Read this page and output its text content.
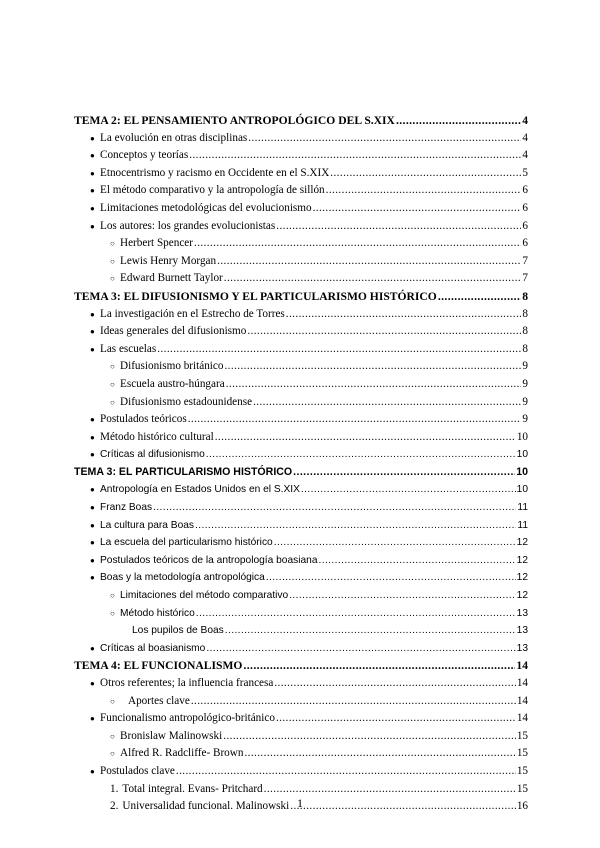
TEMA 2: EL PENSAMIENTO ANTROPOLÓGICO DEL S.XIX .....	4
● La evolución en otras disciplinas .....	4
● Conceptos y teorías .....	4
● Etnocentrismo y racismo en Occidente en el S.XIX .....	5
● El método comparativo y la antropología de sillón .....	6
● Limitaciones metodológicas del evolucionismo .....	6
● Los autores: los grandes evolucionistas .....	6
○ Herbert Spencer .....	6
○ Lewis Henry Morgan .....	7
○ Edward Burnett Taylor .....	7
TEMA 3: EL DIFUSIONISMO Y EL PARTICULARISMO HISTÓRICO .....	8
● La investigación en el Estrecho de Torres .....	8
● Ideas generales del difusionismo .....	8
● Las escuelas .....	8
○ Difusionismo británico .....	9
○ Escuela austro-húngara .....	9
○ Difusionismo estadounidense .....	9
● Postulados teóricos .....	9
● Método histórico cultural .....	10
● Críticas al difusionismo .....	10
TEMA 3: EL PARTICULARISMO HISTÓRICO .....	10
● Antropología en Estados Unidos en el S.XIX .....	10
● Franz Boas .....	11
● La cultura para Boas .....	11
● La escuela del particularismo histórico .....	12
● Postulados teóricos de la antropología boasiana .....	12
● Boas y la metodología antropológica .....	12
○ Limitaciones del método comparativo .....	12
○ Método histórico .....	13
Los pupilos de Boas .....	13
● Críticas al boasianismo .....	13
TEMA 4: EL FUNCIONALISMO .....	14
● Otros referentes; la influencia francesa .....	14
○	Aportes clave .....	14
● Funcionalismo antropológico-británico .....	14
○ Bronislaw Malinowski .....	15
○ Alfred R. Radcliffe- Brown .....	15
● Postulados clave .....	15
1. Total integral. Evans- Pritchard .....	15
2. Universalidad funcional. Malinowski .....	16
1
